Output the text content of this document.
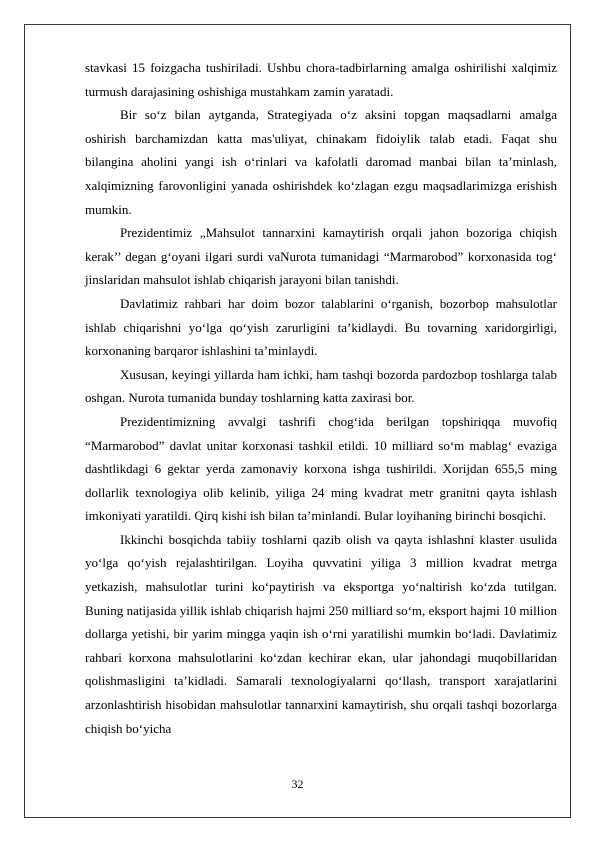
stavkasi 15 foizgacha tushiriladi. Ushbu chora-tadbirlarning amalga oshirilishi xalqimiz turmush darajasining oshishiga mustahkam zamin yaratadi.

Bir so‘z bilan aytganda, Strategiyada o‘z aksini topgan maqsadlarni amalga oshirish barchamizdan katta mas'uliyat, chinakam fidoiylik talab etadi. Faqat shu bilangina aholini yangi ish o‘rinlari va kafolatli daromad manbai bilan ta’minlash, xalqimizning farovonligini yanada oshirishdek ko‘zlagan ezgu maqsadlarimizga erishish mumkin.

Prezidentimiz „Mahsulot tannarxini kamaytirish orqali jahon bozoriga chiqish kerak’’ degan g‘oyani ilgari surdi vaNurota tumanidagi “Marmarobod” korxonasida tog‘ jinslaridan mahsulot ishlab chiqarish jarayoni bilan tanishdi.

Davlatimiz rahbari har doim bozor talablarini o‘rganish, bozorbop mahsulotlar ishlab chiqarishni yo‘lga qo‘yish zarurligini ta’kidlaydi. Bu tovarning xaridorgirligi, korxonaning barqaror ishlashini ta’minlaydi.

Xususan, keyingi yillarda ham ichki, ham tashqi bozorda pardozbop toshlarga talab oshgan. Nurota tumanida bunday toshlarning katta zaxirasi bor.

Prezidentimizning avvalgi tashrifi chog‘ida berilgan topshiriqqa muvofiq “Marmarobod” davlat unitar korxonasi tashkil etildi. 10 milliard so‘m mablag‘ evaziga dashtlikdagi 6 gektar yerda zamonaviy korxona ishga tushirildi. Xorijdan 655,5 ming dollarlik texnologiya olib kelinib, yiliga 24 ming kvadrat metr granitni qayta ishlash imkoniyati yaratildi. Qirq kishi ish bilan ta’minlandi. Bular loyihaning birinchi bosqichi.

Ikkinchi bosqichda tabiiy toshlarni qazib olish va qayta ishlashni klaster usulida yo‘lga qo‘yish rejalashtirilgan. Loyiha quvvatini yiliga 3 million kvadrat metrga yetkazish, mahsulotlar turini ko‘paytirish va eksportga yo‘naltirish ko‘zda tutilgan. Buning natijasida yillik ishlab chiqarish hajmi 250 milliard so‘m, eksport hajmi 10 million dollarga yetishi, bir yarim mingga yaqin ish o‘rni yaratilishi mumkin bo‘ladi. Davlatimiz rahbari korxona mahsulotlarini ko‘zdan kechirar ekan, ular jahondagi muqobillaridan qolishmasligini ta’kidladi. Samarali texnologiyalarni qo‘llash, transport xarajatlarini arzonlashtirish hisobidan mahsulotlar tannarxini kamaytirish, shu orqali tashqi bozorlarga chiqish bo‘yicha

32
